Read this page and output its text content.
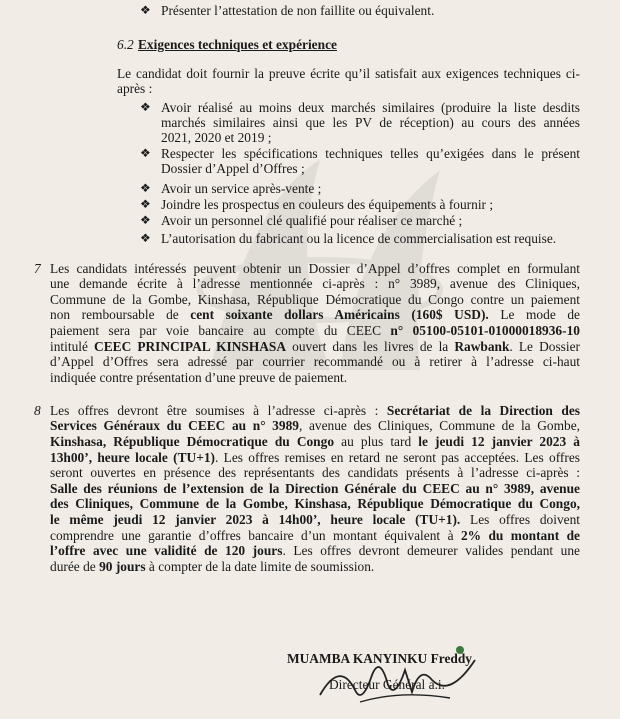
❖ Présenter l’attestation de non faillite ou équivalent.
6.2 Exigences techniques et expérience
Le candidat doit fournir la preuve écrite qu’il satisfait aux exigences techniques ci-
après :
❖ Avoir réalisé au moins deux marchés similaires (produire la liste desdits
marchés similaires ainsi que les PV de réception) au cours des années
2021, 2020 et 2019 ;
❖ Respecter les spécifications techniques telles qu’exigées dans le présent
Dossier d’Appel d’Offres ;
❖ Avoir un service après-vente ;
❖ Joindre les prospectus en couleurs des équipements à fournir ;
❖ Avoir un personnel clé qualifié pour réaliser ce marché ;
❖ L’autorisation du fabricant ou la licence de commercialisation est requise.
7 Les candidats intéressés peuvent obtenir un Dossier d’Appel d’offres complet en formulant
une demande écrite à l’adresse mentionnée ci-après : n° 3989, avenue des Cliniques,
Commune de la Gombe, Kinshasa, République Démocratique du Congo contre un paiement
non remboursable de cent soixante dollars Américains (160$ USD). Le mode de
paiement sera par voie bancaire au compte du CEEC n° 05100-05101-01000018936-10
intitulé CEEC PRINCIPAL KINSHASA ouvert dans les livres de la Rawbank. Le Dossier
d’Appel d’Offres sera adressé par courrier recommandé ou à retirer à l’adresse ci-haut
indiquée contre présentation d’une preuve de paiement.
8 Les offres devront être soumises à l’adresse ci-après : Secrétariat de la Direction des
Services Généraux du CEEC au n° 3989, avenue des Cliniques, Commune de la Gombe,
Kinshasa, République Démocratique du Congo au plus tard le jeudi 12 janvier 2023 à
13h00’, heure locale (TU+1). Les offres remises en retard ne seront pas acceptées. Les offres
seront ouvertes en présence des représentants des candidats présents à l’adresse ci-après :
Salle des réunions de l’extension de la Direction Générale du CEEC au n° 3989, avenue
des Cliniques, Commune de la Gombe, Kinshasa, République Démocratique du Congo,
le même jeudi 12 janvier 2023 à 14h00’, heure locale (TU+1). Les offres doivent
comprendre une garantie d’offres bancaire d’un montant équivalent à 2% du montant de
l’offre avec une validité de 120 jours. Les offres devront demeurer valides pendant une
durée de 90 jours à compter de la date limite de soumission.
MUAMBA KANYINKU Freddy
Directeur Général a.i.
